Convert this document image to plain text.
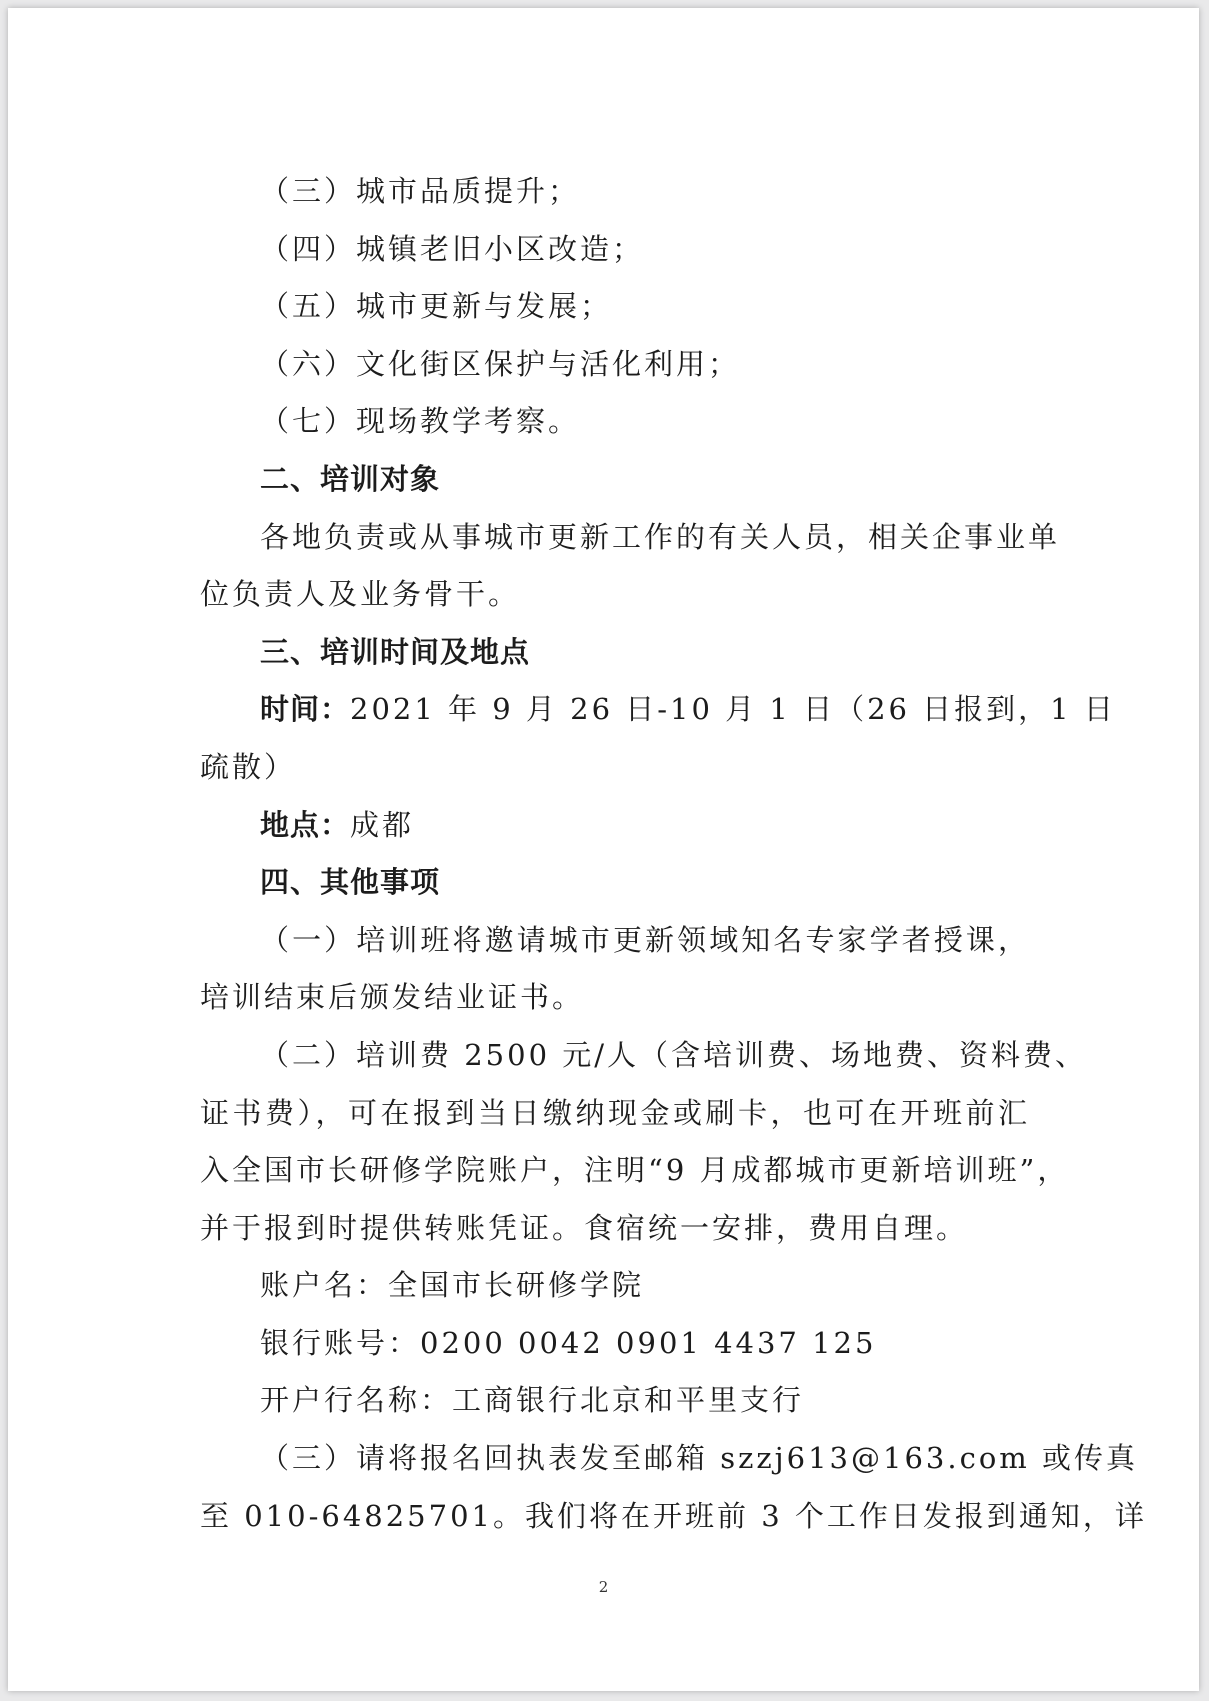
（三）城市品质提升；
（四）城镇老旧小区改造；
（五）城市更新与发展；
（六）文化街区保护与活化利用；
（七）现场教学考察。
二、培训对象
各地负责或从事城市更新工作的有关人员，相关企事业单
位负责人及业务骨干。
三、培训时间及地点
时间：2021 年 9 月 26 日-10 月 1 日（26 日报到，1 日
疏散）
地点：成都
四、其他事项
（一）培训班将邀请城市更新领域知名专家学者授课，
培训结束后颁发结业证书。
（二）培训费 2500 元/人（含培训费、场地费、资料费、
证书费），可在报到当日缴纳现金或刷卡，也可在开班前汇
入全国市长研修学院账户，注明“9 月成都城市更新培训班”，
并于报到时提供转账凭证。食宿统一安排，费用自理。
账户名：全国市长研修学院
银行账号：0200 0042 0901 4437 125
开户行名称：工商银行北京和平里支行
（三）请将报名回执表发至邮箱 szzj613@163.com 或传真
至 010-64825701。我们将在开班前 3 个工作日发报到通知，详
2
